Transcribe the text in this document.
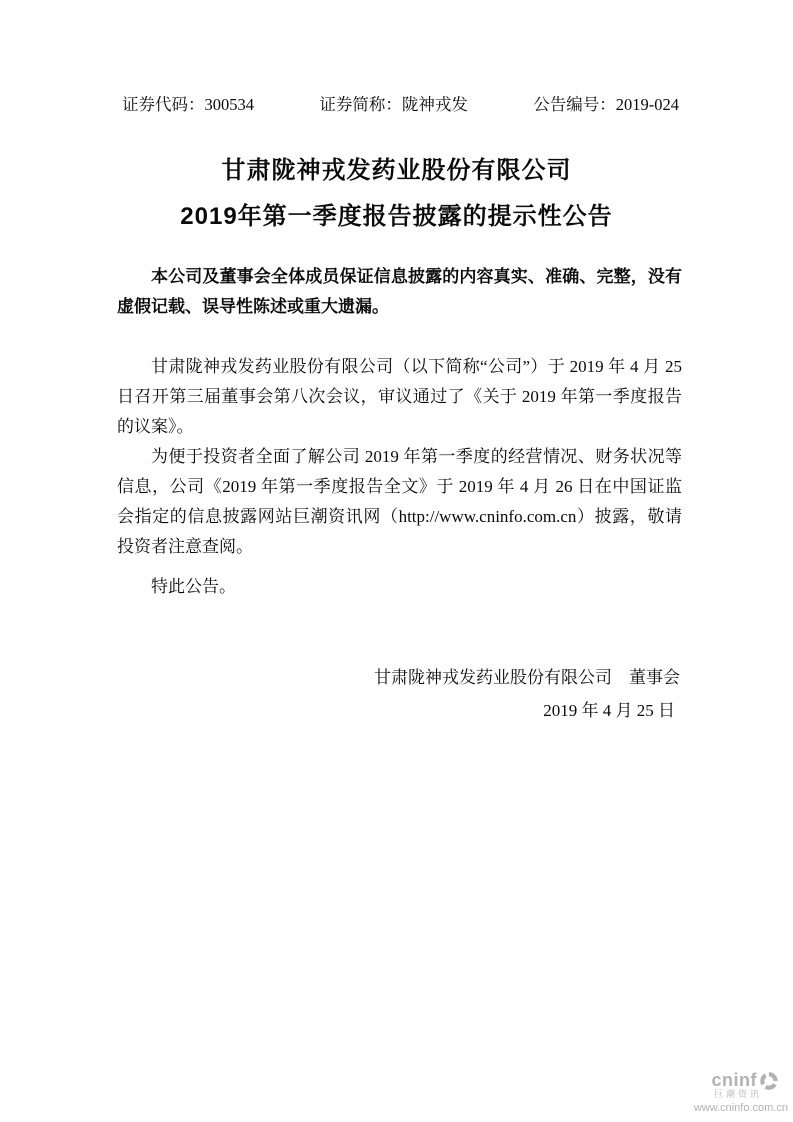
证券代码：300534	证券简称：陇神戎发	公告编号：2019-024
甘肃陇神戎发药业股份有限公司
2019年第一季度报告披露的提示性公告

本公司及董事会全体成员保证信息披露的内容真实、准确、完整，没有虚假记载、误导性陈述或重大遗漏。

甘肃陇神戎发药业股份有限公司（以下简称“公司”）于 2019 年 4 月 25 日召开第三届董事会第八次会议，审议通过了《关于 2019 年第一季度报告的议案》。

为便于投资者全面了解公司 2019 年第一季度的经营情况、财务状况等信息，公司《2019 年第一季度报告全文》于 2019 年 4 月 26 日在中国证监会指定的信息披露网站巨潮资讯网（http://www.cninfo.com.cn）披露，敬请投资者注意查阅。

特此公告。

甘肃陇神戎发药业股份有限公司　董事会
2019 年 4 月 25 日
cninf
巨潮资讯
www.cninfo.com.cn
